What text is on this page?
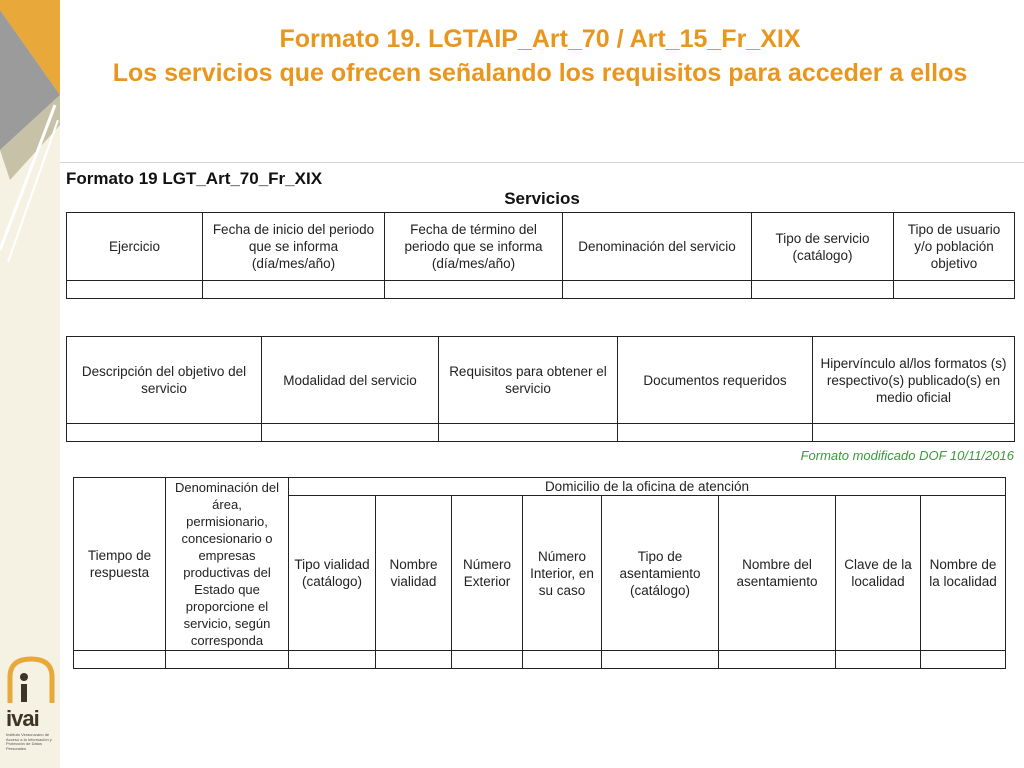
Formato 19. LGTAIP_Art_70 / Art_15_Fr_XIX
Los servicios que ofrecen señalando los requisitos para acceder a ellos
Formato 19 LGT_Art_70_Fr_XIX
Servicios
Ejercicio	Fecha de inicio del periodo que se informa (día/mes/año)	Fecha de término del periodo que se informa (día/mes/año)	Denominación del servicio	Tipo de servicio (catálogo)	Tipo de usuario y/o población objetivo

Descripción del objetivo del servicio	Modalidad del servicio	Requisitos para obtener el servicio	Documentos requeridos	Hipervínculo al/los formatos (s) respectivo(s) publicado(s) en medio oficial

Formato modificado DOF 10/11/2016
Tiempo de respuesta	Denominación del área, permisionario, concesionario o empresas productivas del Estado que proporcione el servicio, según corresponda	Domicilio de la oficina de atención							
		Tipo vialidad (catálogo)	Nombre vialidad	Número Exterior	Número Interior, en su caso	Tipo de asentamiento (catálogo)	Nombre del asentamiento	Clave de la localidad	Nombre de la localidad

ivai
Instituto Veracruzano de Acceso a la Información y Protección de Datos Personales
